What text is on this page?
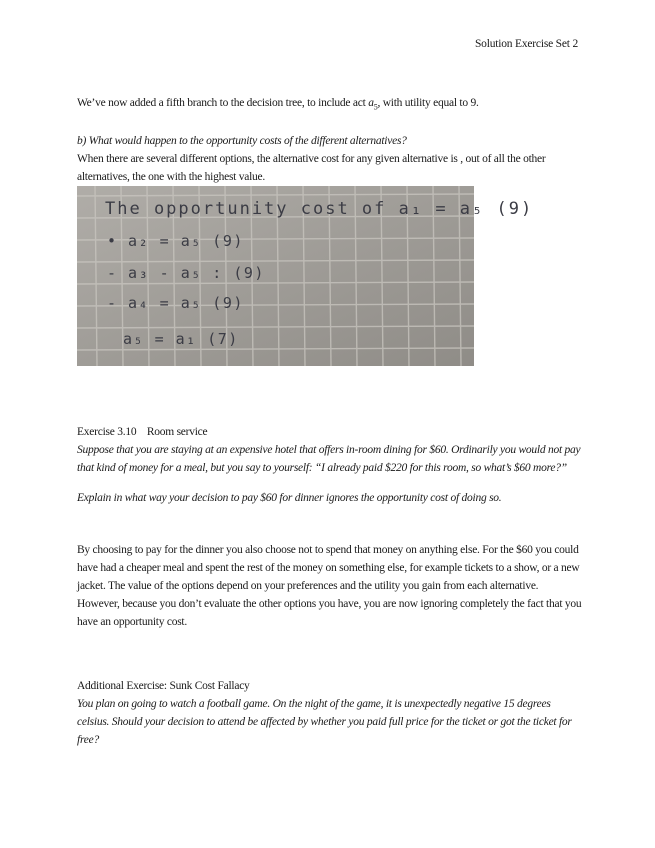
Solution Exercise Set 2
We’ve now added a fifth branch to the decision tree, to include act $a_5$, with utility equal to 9.
b) What would happen to the opportunity costs of the different alternatives?
When there are several different options, the alternative cost for any given alternative is , out of all the other alternatives, the one with the highest value.
The opportunity cost of a₁ = a₅ (9)
• a₂ = a₅ (9)
- a₃ - a₅ : (9)
- a₄ = a₅ (9)
a₅ = a₁ (7)
Exercise 3.10    Room service
Suppose that you are staying at an expensive hotel that offers in-room dining for $60. Ordinarily you would not pay that kind of money for a meal, but you say to yourself: “I already paid $220 for this room, so what’s $60 more?”
Explain in what way your decision to pay $60 for dinner ignores the opportunity cost of doing so.
By choosing to pay for the dinner you also choose not to spend that money on anything else. For the $60 you could have had a cheaper meal and spent the rest of the money on something else, for example tickets to a show, or a new jacket. The value of the options depend on your preferences and the utility you gain from each alternative. However, because you don’t evaluate the other options you have, you are now ignoring completely the fact that you have an opportunity cost.
Additional Exercise: Sunk Cost Fallacy
You plan on going to watch a football game. On the night of the game, it is unexpectedly negative 15 degrees celsius. Should your decision to attend be affected by whether you paid full price for the ticket or got the ticket for free?
